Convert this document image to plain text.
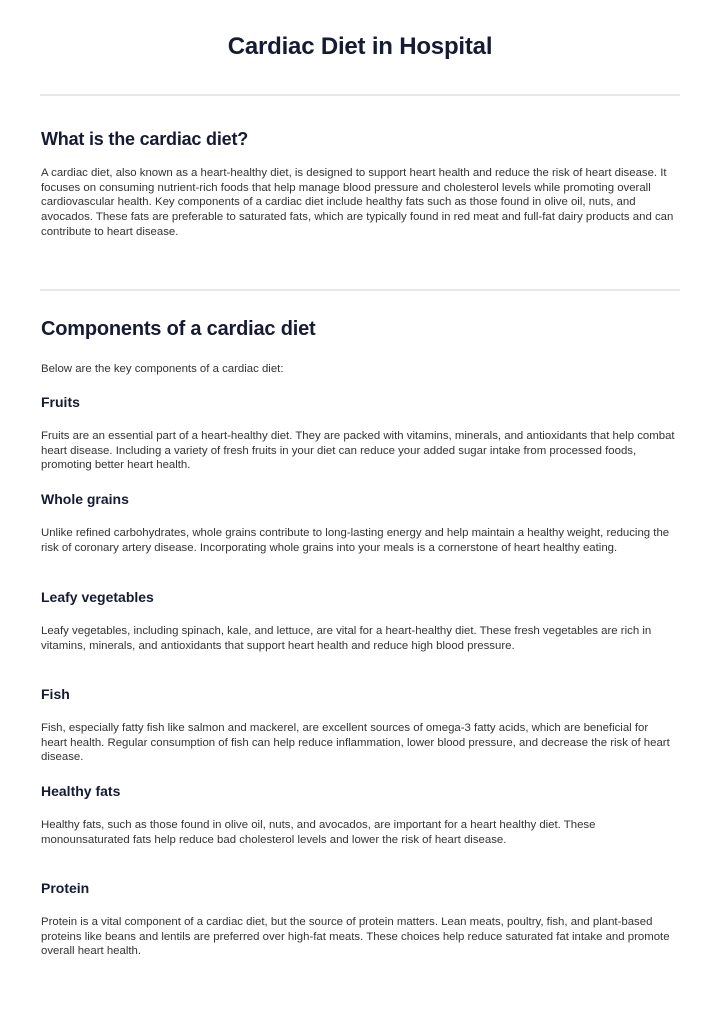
Cardiac Diet in Hospital
What is the cardiac diet?

A cardiac diet, also known as a heart-healthy diet, is designed to support heart health and reduce the risk of heart disease. It focuses on consuming nutrient-rich foods that help manage blood pressure and cholesterol levels while promoting overall cardiovascular health. Key components of a cardiac diet include healthy fats such as those found in olive oil, nuts, and avocados. These fats are preferable to saturated fats, which are typically found in red meat and full-fat dairy products and can contribute to heart disease.

Components of a cardiac diet

Below are the key components of a cardiac diet:

Fruits

Fruits are an essential part of a heart-healthy diet. They are packed with vitamins, minerals, and antioxidants that help combat heart disease. Including a variety of fresh fruits in your diet can reduce your added sugar intake from processed foods, promoting better heart health.

Whole grains

Unlike refined carbohydrates, whole grains contribute to long-lasting energy and help maintain a healthy weight, reducing the risk of coronary artery disease. Incorporating whole grains into your meals is a cornerstone of heart healthy eating.

Leafy vegetables

Leafy vegetables, including spinach, kale, and lettuce, are vital for a heart-healthy diet. These fresh vegetables are rich in vitamins, minerals, and antioxidants that support heart health and reduce high blood pressure.

Fish

Fish, especially fatty fish like salmon and mackerel, are excellent sources of omega-3 fatty acids, which are beneficial for heart health. Regular consumption of fish can help reduce inflammation, lower blood pressure, and decrease the risk of heart disease.

Healthy fats

Healthy fats, such as those found in olive oil, nuts, and avocados, are important for a heart healthy diet. These monounsaturated fats help reduce bad cholesterol levels and lower the risk of heart disease.

Protein

Protein is a vital component of a cardiac diet, but the source of protein matters. Lean meats, poultry, fish, and plant-based proteins like beans and lentils are preferred over high-fat meats. These choices help reduce saturated fat intake and promote overall heart health.
